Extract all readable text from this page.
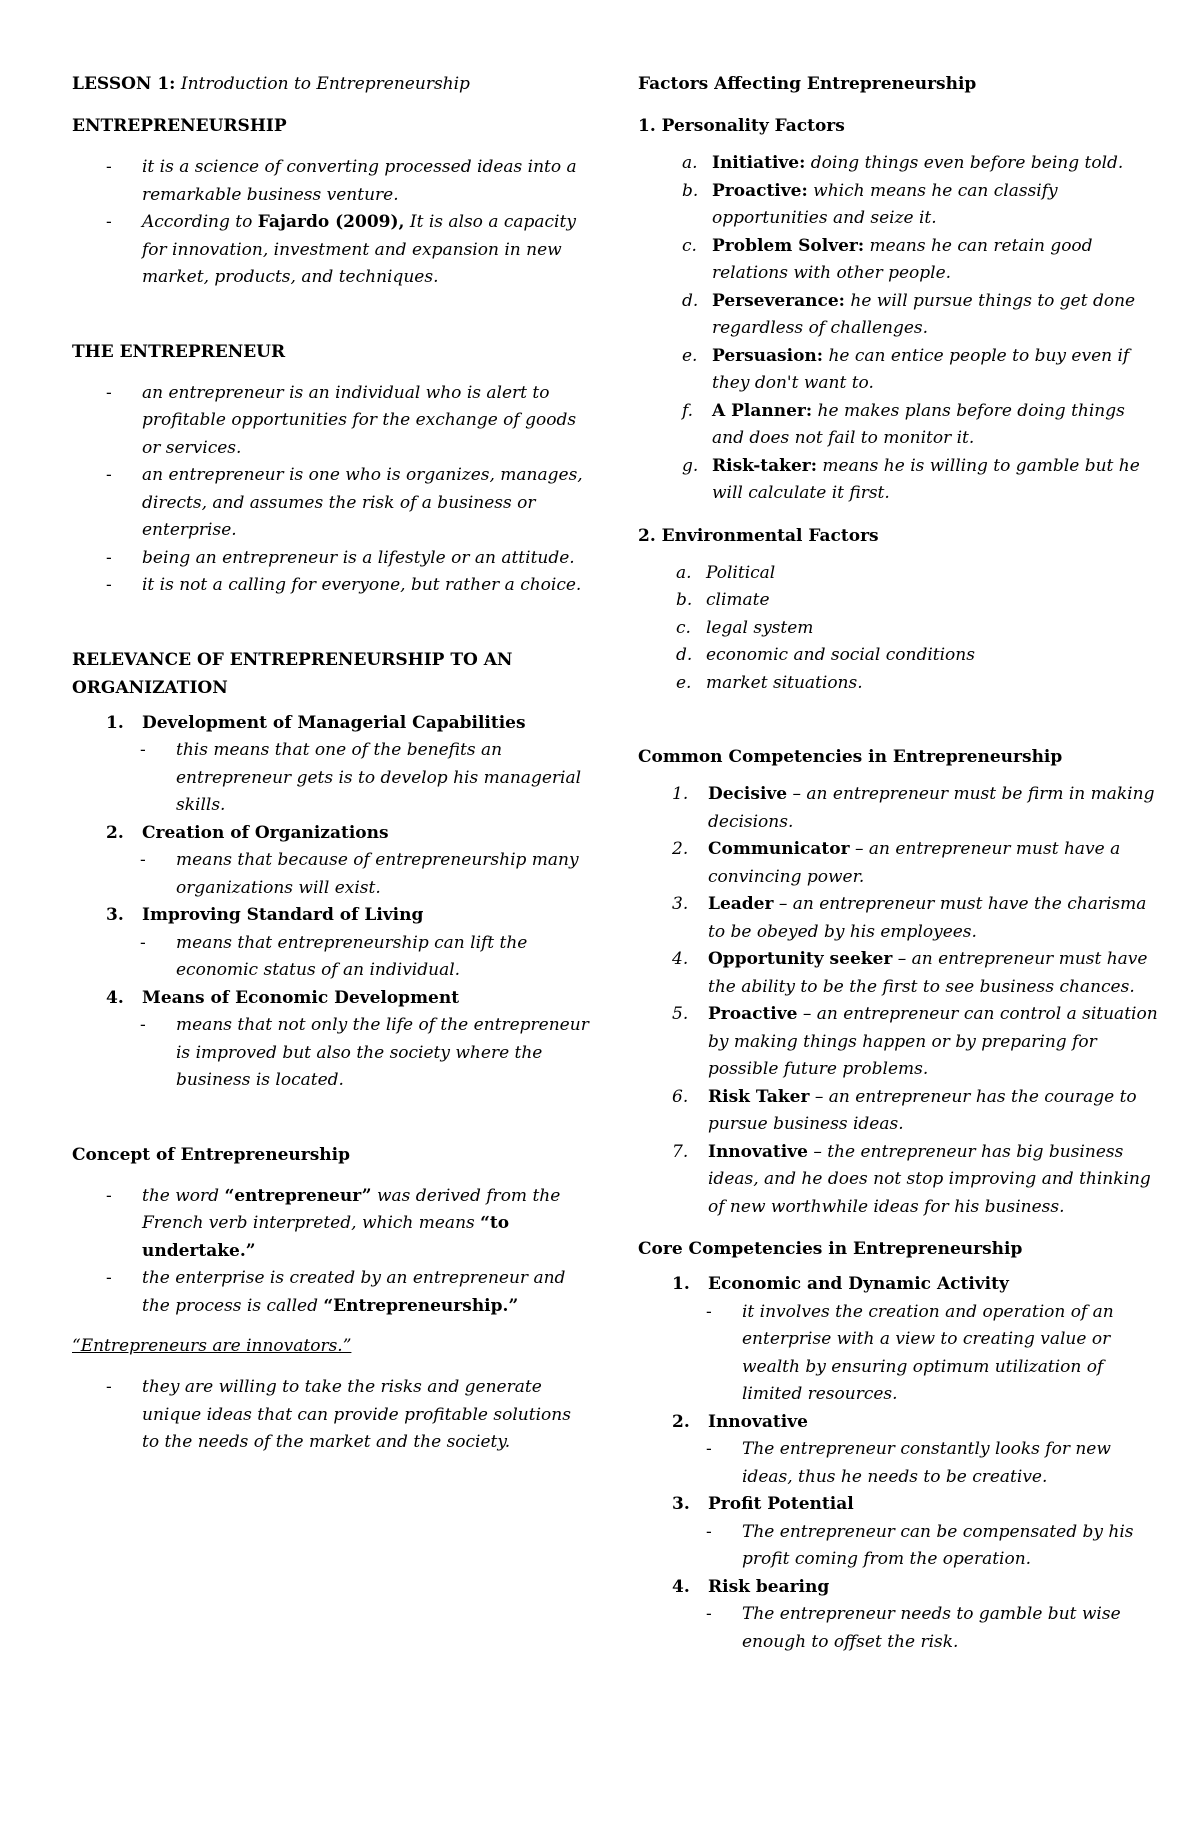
LESSON 1: Introduction to Entrepreneurship

ENTREPRENEURSHIP

- it is a science of converting processed ideas into a remarkable business venture.
- According to Fajardo (2009), It is also a capacity for innovation, investment and expansion in new market, products, and techniques.

THE ENTREPRENEUR

- an entrepreneur is an individual who is alert to profitable opportunities for the exchange of goods or services.
- an entrepreneur is one who is organizes, manages, directs, and assumes the risk of a business or enterprise.
- being an entrepreneur is a lifestyle or an attitude.
- it is not a calling for everyone, but rather a choice.

RELEVANCE OF ENTREPRENEURSHIP TO AN ORGANIZATION

1. Development of Managerial Capabilities
- this means that one of the benefits an entrepreneur gets is to develop his managerial skills.
2. Creation of Organizations
- means that because of entrepreneurship many organizations will exist.
3. Improving Standard of Living
- means that entrepreneurship can lift the economic status of an individual.
4. Means of Economic Development
- means that not only the life of the entrepreneur is improved but also the society where the business is located.

Concept of Entrepreneurship

- the word “entrepreneur” was derived from the French verb interpreted, which means “to undertake.”
- the enterprise is created by an entrepreneur and the process is called “Entrepreneurship.”

“Entrepreneurs are innovators.”

- they are willing to take the risks and generate unique ideas that can provide profitable solutions to the needs of the market and the society.

Factors Affecting Entrepreneurship

1. Personality Factors

a. Initiative: doing things even before being told.
b. Proactive: which means he can classify opportunities and seize it.
c. Problem Solver: means he can retain good relations with other people.
d. Perseverance: he will pursue things to get done regardless of challenges.
e. Persuasion: he can entice people to buy even if they don't want to.
f. A Planner: he makes plans before doing things and does not fail to monitor it.
g. Risk-taker: means he is willing to gamble but he will calculate it first.

2. Environmental Factors

a. Political
b. climate
c. legal system
d. economic and social conditions
e. market situations.

Common Competencies in Entrepreneurship

1. Decisive – an entrepreneur must be firm in making decisions.
2. Communicator – an entrepreneur must have a convincing power.
3. Leader – an entrepreneur must have the charisma to be obeyed by his employees.
4. Opportunity seeker – an entrepreneur must have the ability to be the first to see business chances.
5. Proactive – an entrepreneur can control a situation by making things happen or by preparing for possible future problems.
6. Risk Taker – an entrepreneur has the courage to pursue business ideas.
7. Innovative – the entrepreneur has big business ideas, and he does not stop improving and thinking of new worthwhile ideas for his business.

Core Competencies in Entrepreneurship

1. Economic and Dynamic Activity
- it involves the creation and operation of an enterprise with a view to creating value or wealth by ensuring optimum utilization of limited resources.
2. Innovative
- The entrepreneur constantly looks for new ideas, thus he needs to be creative.
3. Profit Potential
- The entrepreneur can be compensated by his profit coming from the operation.
4. Risk bearing
- The entrepreneur needs to gamble but wise enough to offset the risk.
